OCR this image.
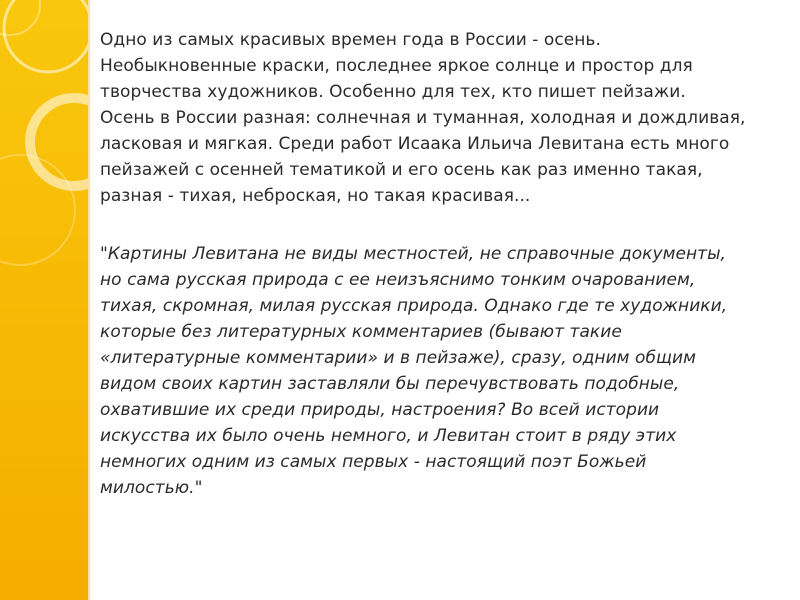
Одно из самых красивых времен года в России - осень.
Необыкновенные краски, последнее яркое солнце и простор для
творчества художников. Особенно для тех, кто пишет пейзажи.
Осень в России разная: солнечная и туманная, холодная и дождливая,
ласковая и мягкая. Среди работ Исаака Ильича Левитана есть много
пейзажей с осенней тематикой и его осень как раз именно такая,
разная - тихая, неброская, но такая красивая...

"Картины Левитана не виды местностей, не справочные документы,
но сама русская природа с ее неизъяснимо тонким очарованием,
тихая, скромная, милая русская природа. Однако где те художники,
которые без литературных комментариев (бывают такие
«литературные комментарии» и в пейзаже), сразу, одним общим
видом своих картин заставляли бы перечувствовать подобные,
охватившие их среди природы, настроения? Во всей истории
искусства их было очень немного, и Левитан стоит в ряду этих
немногих одним из самых первых - настоящий поэт Божьей
милостью."
